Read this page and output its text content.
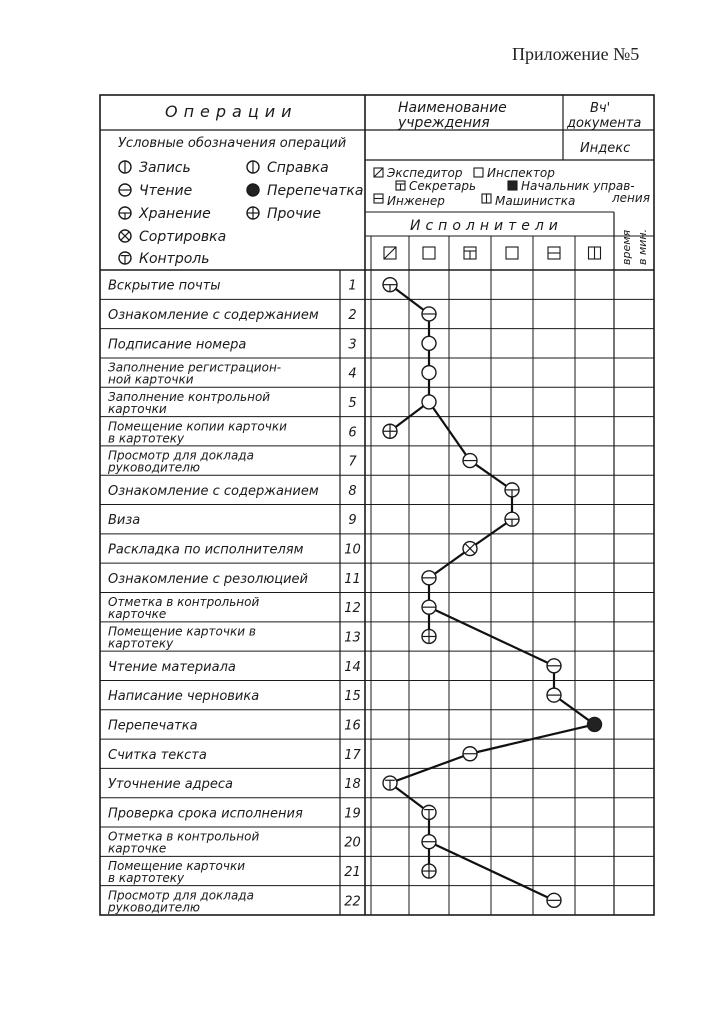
Приложение №5
Операции	Наименование
учреждения
Вч'
документа
Индекс
Условные обозначения операций
Исполнители
время в мин.
Запись	Справка
Чтение	Перепечатка
Хранение	Прочие
Сортировка
Контроль
Экспедитор Инспектор
Секретарь	Начальник управ-
ления
Инженер	Машинистка
Вскрытие почты	1
Ознакомление с содержанием 2
Подписание номера	3
Заполнение регистрацион-
ной карточки	4
Заполнение контрольной
карточки	5
Помещение копии карточки
в картотеку	6
Просмотр для доклада
руководителю	7
Ознакомление с содержанием 8
Виза	9
Раскладка по исполнителям	10
Ознакомление с резолюцией	11
Отметка в контрольной
карточке	12
Помещение карточки в
картотеку	13
Чтение материала	14
Написание черновика	15
Перепечатка	16
Считка текста	17
Уточнение адреса	18
Проверка срока исполнения	19
Отметка в контрольной
карточке	20
Помещение карточки
в картотеку	21
Просмотр для доклада
руководителю	22
